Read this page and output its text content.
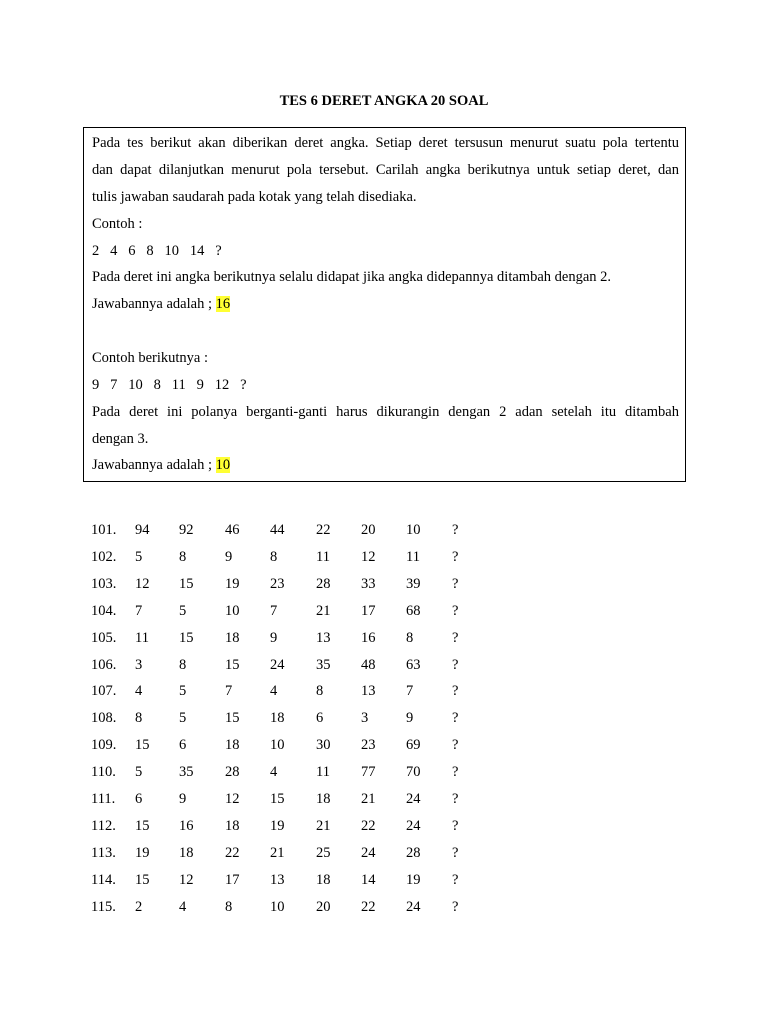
TES 6 DERET ANGKA 20 SOAL
Pada tes berikut akan diberikan deret angka. Setiap deret tersusun menurut suatu pola tertentu
dan dapat dilanjutkan menurut pola tersebut. Carilah angka berikutnya untuk setiap deret, dan
tulis jawaban saudarah pada kotak yang telah disediaka.
Contoh :
2   4   6   8   10   14   ?
Pada deret ini angka berikutnya selalu didapat jika angka didepannya ditambah dengan 2.
Jawabannya adalah ; 16
Contoh berikutnya :
9   7   10   8   11   9   12   ?
Pada deret ini polanya berganti-ganti harus dikurangin dengan 2 adan setelah itu ditambah
dengan 3.
Jawabannya adalah ; 10
101. 94 92 46 44 22 20 10 ?
102. 5	8	9	8	11 12 11 ?
103. 12 15 19 23 28 33 39 ?
104. 7	5	10 7	21 17 68 ?
105. 11 15 18 9	13 16 8	?
106. 3	8	15 24 35 48 63 ?
107. 4	5	7	4	8	13 7	?
108. 8	5	15 18 6	3	9	?
109. 15 6	18 10 30 23 69 ?
110. 5	35 28 4	11 77 70 ?
111. 6	9	12 15 18 21 24 ?
112. 15 16 18 19 21 22 24 ?
113. 19 18 22 21 25 24 28 ?
114. 15 12 17 13 18 14 19 ?
115. 2	4	8	10 20 22 24 ?
